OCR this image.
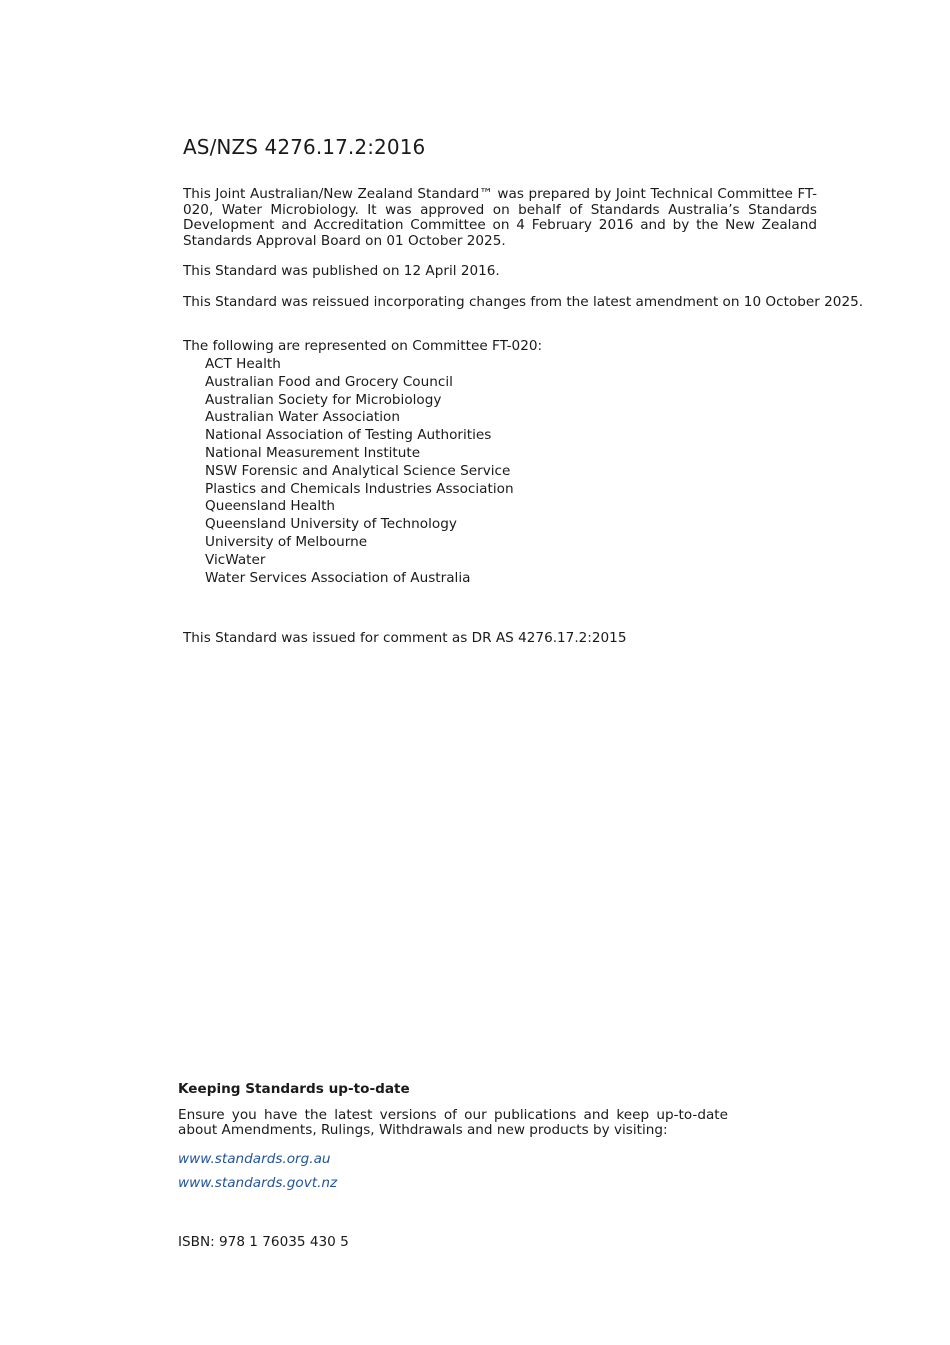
AS/NZS 4276.17.2:2016

This Joint Australian/New Zealand Standard™ was prepared by Joint Technical Committee FT-020, Water Microbiology. It was approved on behalf of Standards Australia’s Standards Development and Accreditation Committee on 4 February 2016 and by the New Zealand Standards Approval Board on 01 October 2025.

This Standard was published on 12 April 2016.

This Standard was reissued incorporating changes from the latest amendment on 10 October 2025.

The following are represented on Committee FT-020:

ACT Health
Australian Food and Grocery Council
Australian Society for Microbiology
Australian Water Association
National Association of Testing Authorities
National Measurement Institute
NSW Forensic and Analytical Science Service
Plastics and Chemicals Industries Association
Queensland Health
Queensland University of Technology
University of Melbourne
VicWater
Water Services Association of Australia

This Standard was issued for comment as DR AS 4276.17.2:2015

Keeping Standards up-to-date

Ensure you have the latest versions of our publications and keep up-to-date about Amendments, Rulings, Withdrawals and new products by visiting:

www.standards.org.au
www.standards.govt.nz

ISBN: 978 1 76035 430 5
